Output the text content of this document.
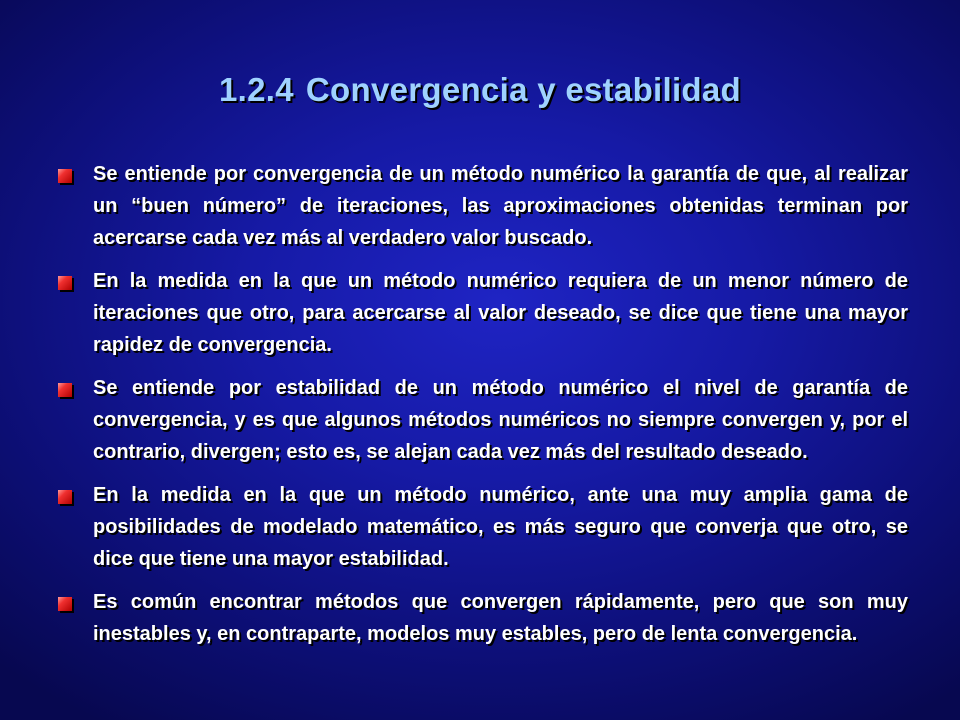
1.2.4 Convergencia y estabilidad
Se entiende por convergencia de un método numérico la garantía de que, al realizar un “buen número” de iteraciones, las aproximaciones obtenidas terminan por acercarse cada vez más al verdadero valor buscado.
En la medida en la que un método numérico requiera de un menor número de iteraciones que otro, para acercarse al valor deseado, se dice que tiene una mayor rapidez de convergencia.
Se entiende por estabilidad de un método numérico el nivel de garantía de convergencia, y es que algunos métodos numéricos no siempre convergen y, por el contrario, divergen; esto es, se alejan cada vez más del resultado deseado.
En la medida en la que un método numérico, ante una muy amplia gama de posibilidades de modelado matemático, es más seguro que converja que otro, se dice que tiene una mayor estabilidad.
Es común encontrar métodos que convergen rápidamente, pero que son muy inestables y, en contraparte, modelos muy estables, pero de lenta convergencia.
